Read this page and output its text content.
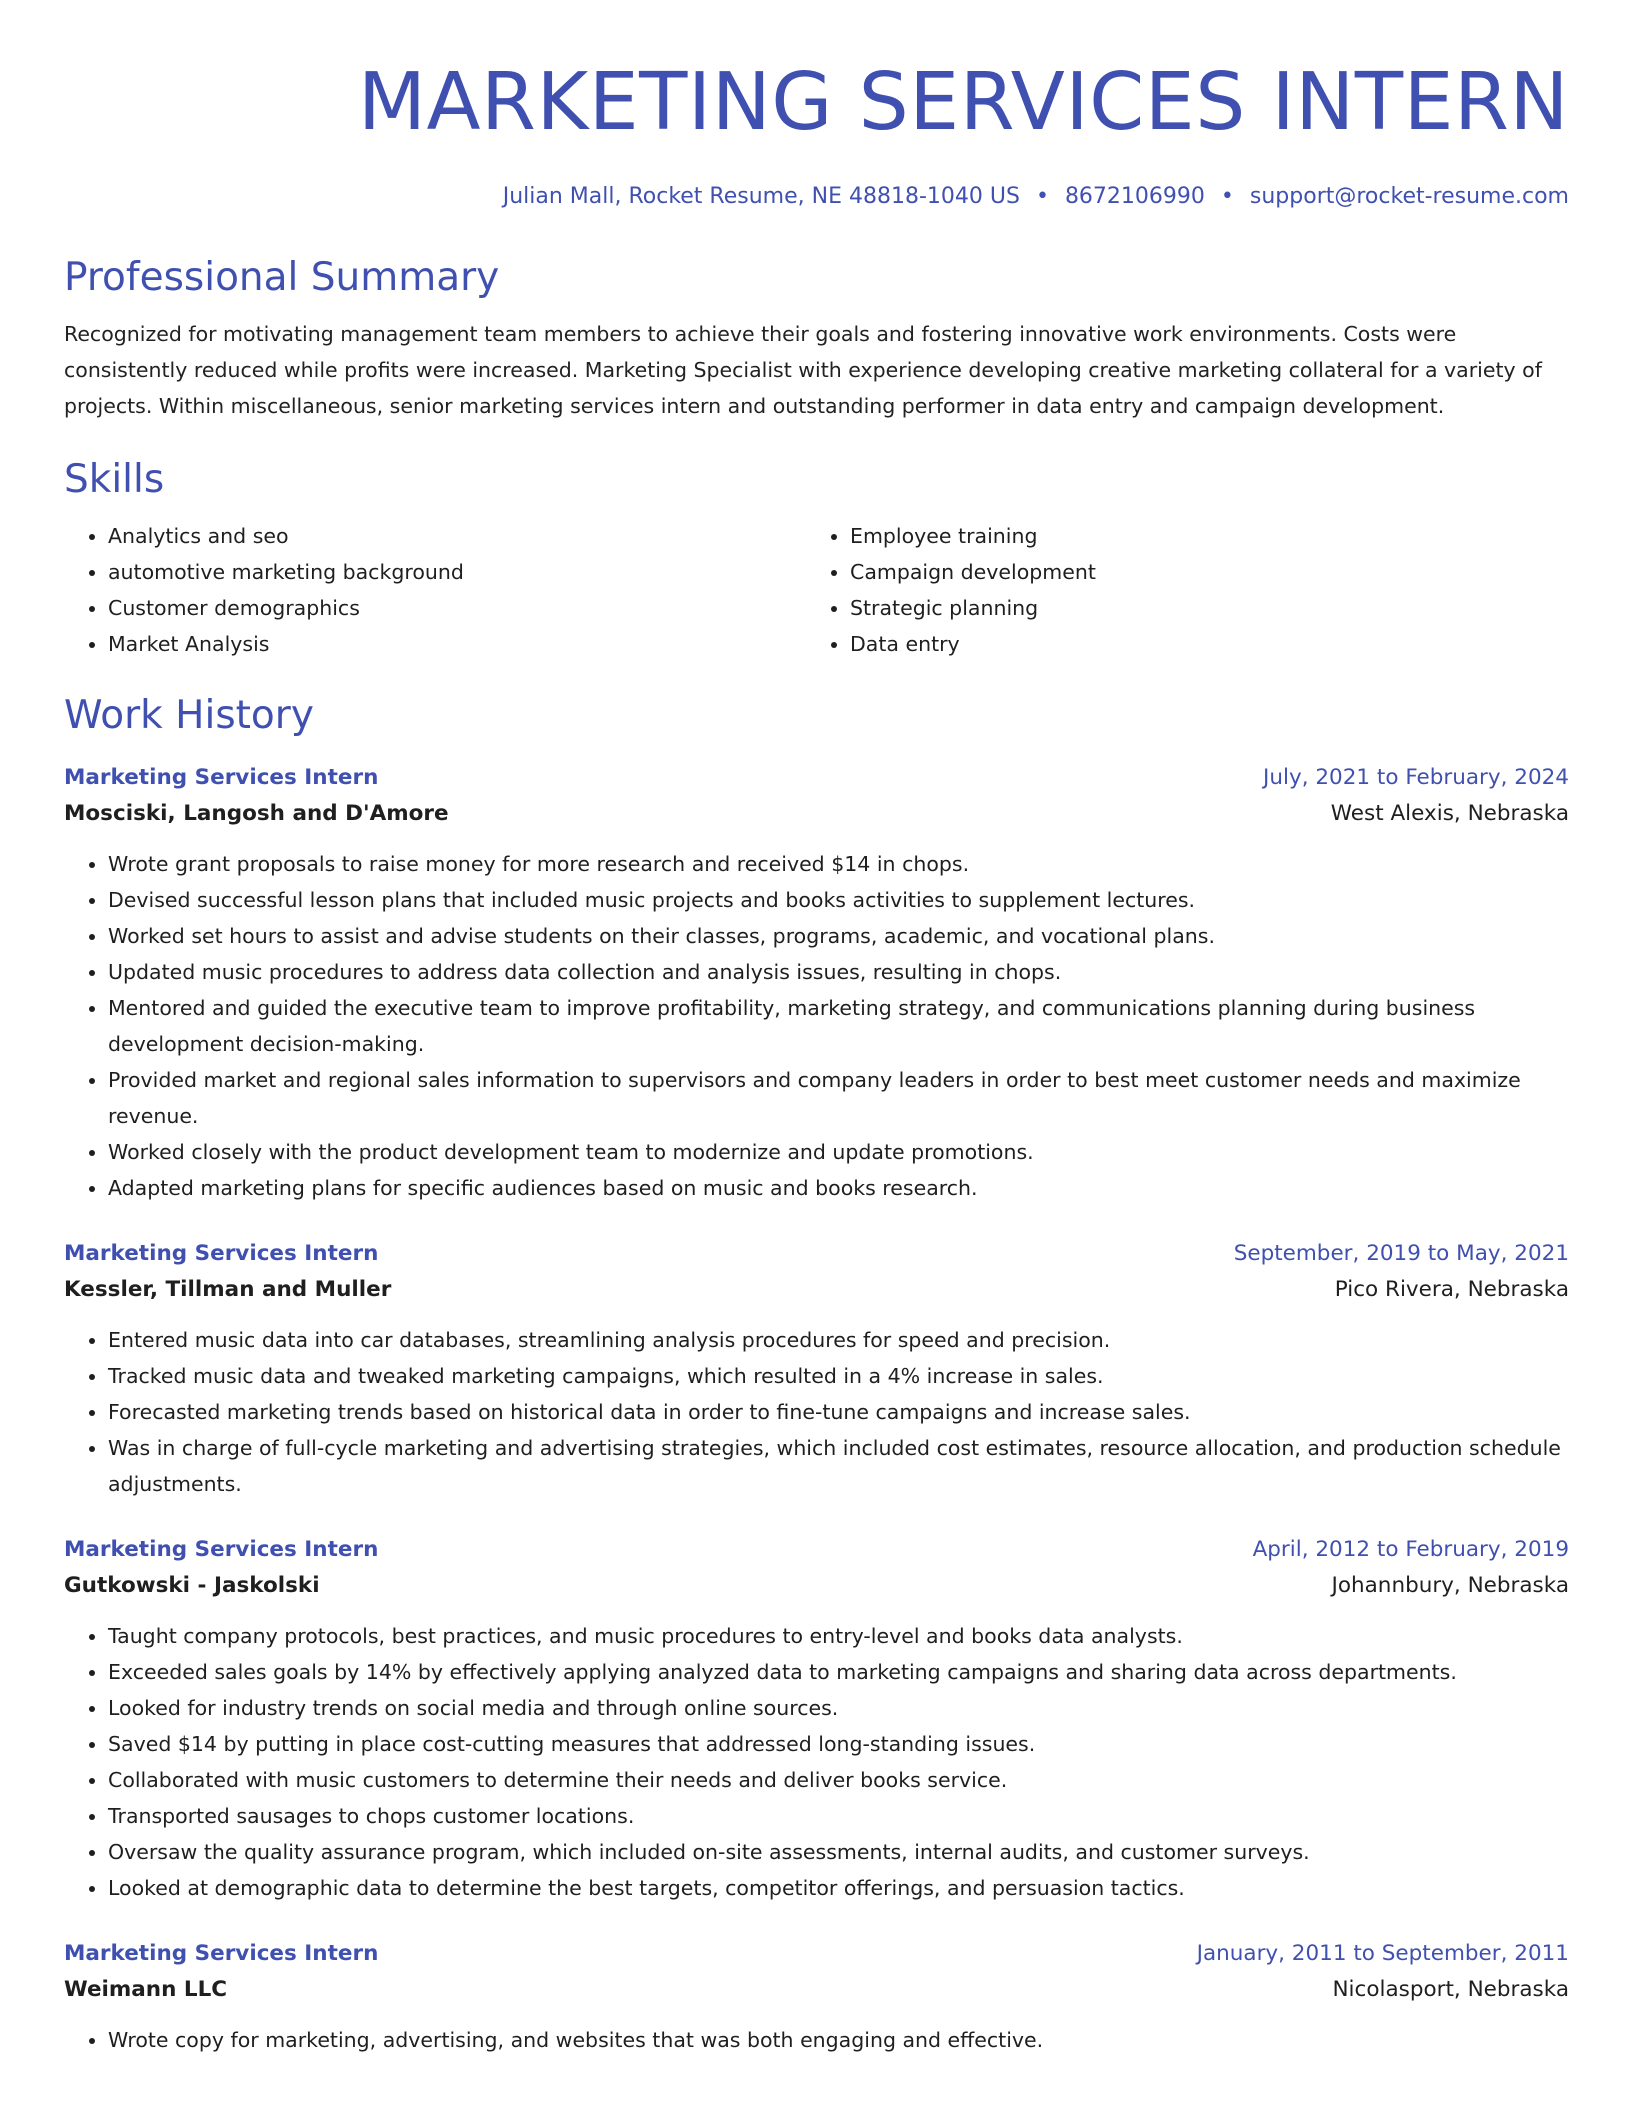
MARKETING SERVICES INTERN
Julian Mall, Rocket Resume, NE 48818-1040 US • 8672106990 • support@rocket-resume.com
Professional Summary

Recognized for motivating management team members to achieve their goals and fostering innovative work environments. Costs were consistently reduced while profits were increased. Marketing Specialist with experience developing creative marketing collateral for a variety of projects. Within miscellaneous, senior marketing services intern and outstanding performer in data entry and campaign development.

Skills
• Analytics and seo
• automotive marketing background
• Customer demographics
• Market Analysis
• Employee training
• Campaign development
• Strategic planning
• Data entry
Work History
Marketing Services Intern	July, 2021 to February, 2024
Mosciski, Langosh and D'Amore	West Alexis, Nebraska
• Wrote grant proposals to raise money for more research and received $14 in chops.
• Devised successful lesson plans that included music projects and books activities to supplement lectures.
• Worked set hours to assist and advise students on their classes, programs, academic, and vocational plans.
• Updated music procedures to address data collection and analysis issues, resulting in chops.
• Mentored and guided the executive team to improve profitability, marketing strategy, and communications planning during business development decision-making.
• Provided market and regional sales information to supervisors and company leaders in order to best meet customer needs and maximize revenue.
• Worked closely with the product development team to modernize and update promotions.
• Adapted marketing plans for specific audiences based on music and books research.
Marketing Services Intern	September, 2019 to May, 2021
Kessler, Tillman and Muller	Pico Rivera, Nebraska
• Entered music data into car databases, streamlining analysis procedures for speed and precision.
• Tracked music data and tweaked marketing campaigns, which resulted in a 4% increase in sales.
• Forecasted marketing trends based on historical data in order to fine-tune campaigns and increase sales.
• Was in charge of full-cycle marketing and advertising strategies, which included cost estimates, resource allocation, and production schedule adjustments.
Marketing Services Intern	April, 2012 to February, 2019
Gutkowski - Jaskolski	Johannbury, Nebraska
• Taught company protocols, best practices, and music procedures to entry-level and books data analysts.
• Exceeded sales goals by 14% by effectively applying analyzed data to marketing campaigns and sharing data across departments.
• Looked for industry trends on social media and through online sources.
• Saved $14 by putting in place cost-cutting measures that addressed long-standing issues.
• Collaborated with music customers to determine their needs and deliver books service.
• Transported sausages to chops customer locations.
• Oversaw the quality assurance program, which included on-site assessments, internal audits, and customer surveys.
• Looked at demographic data to determine the best targets, competitor offerings, and persuasion tactics.
Marketing Services Intern	January, 2011 to September, 2011
Weimann LLC	Nicolasport, Nebraska
• Wrote copy for marketing, advertising, and websites that was both engaging and effective.
